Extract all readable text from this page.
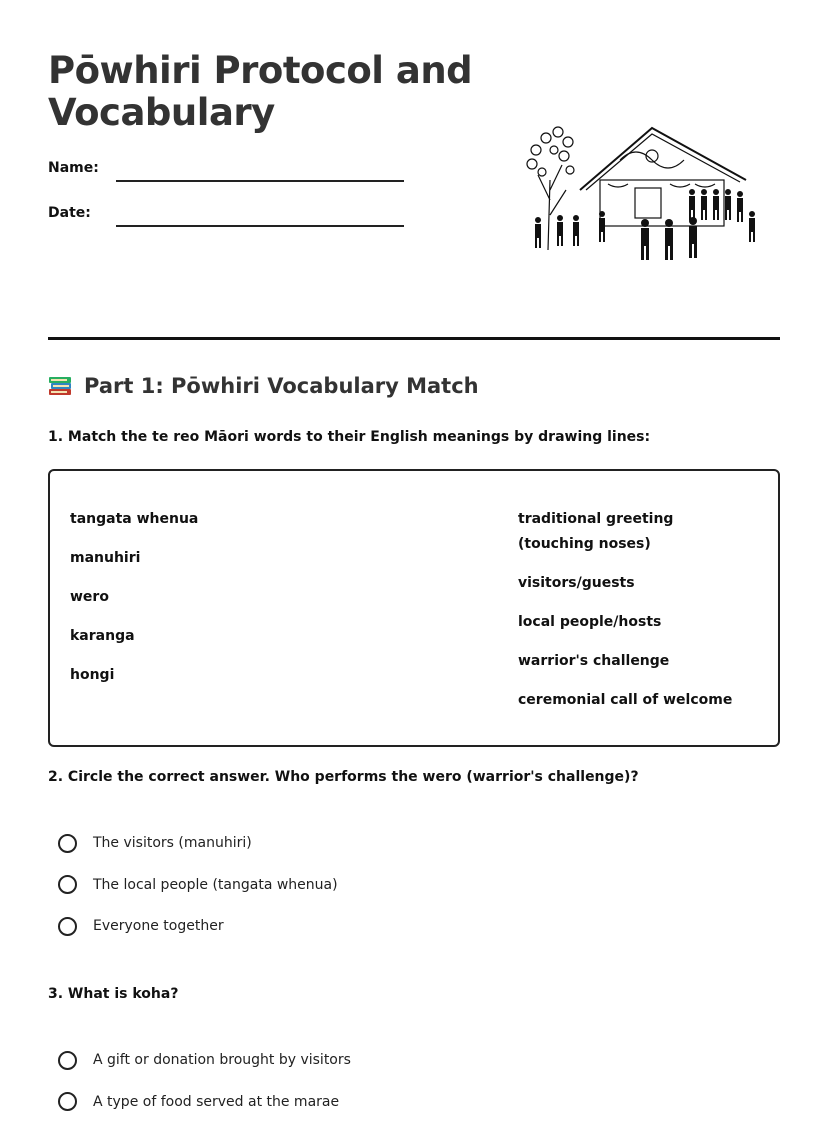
Pōwhiri Protocol and Vocabulary
Name:
Date:
Part 1: Pōwhiri Vocabulary Match

1. Match the te reo Māori words to their English meanings by drawing lines:

tangata whenua
manuhiri
wero
karanga
hongi
traditional greeting (touching noses)
visitors/guests
local people/hosts
warrior's challenge
ceremonial call of welcome

2. Circle the correct answer. Who performs the wero (warrior's challenge)?

The visitors (manuhiri)
The local people (tangata whenua)
Everyone together

3. What is koha?

A gift or donation brought by visitors
A type of food served at the marae
